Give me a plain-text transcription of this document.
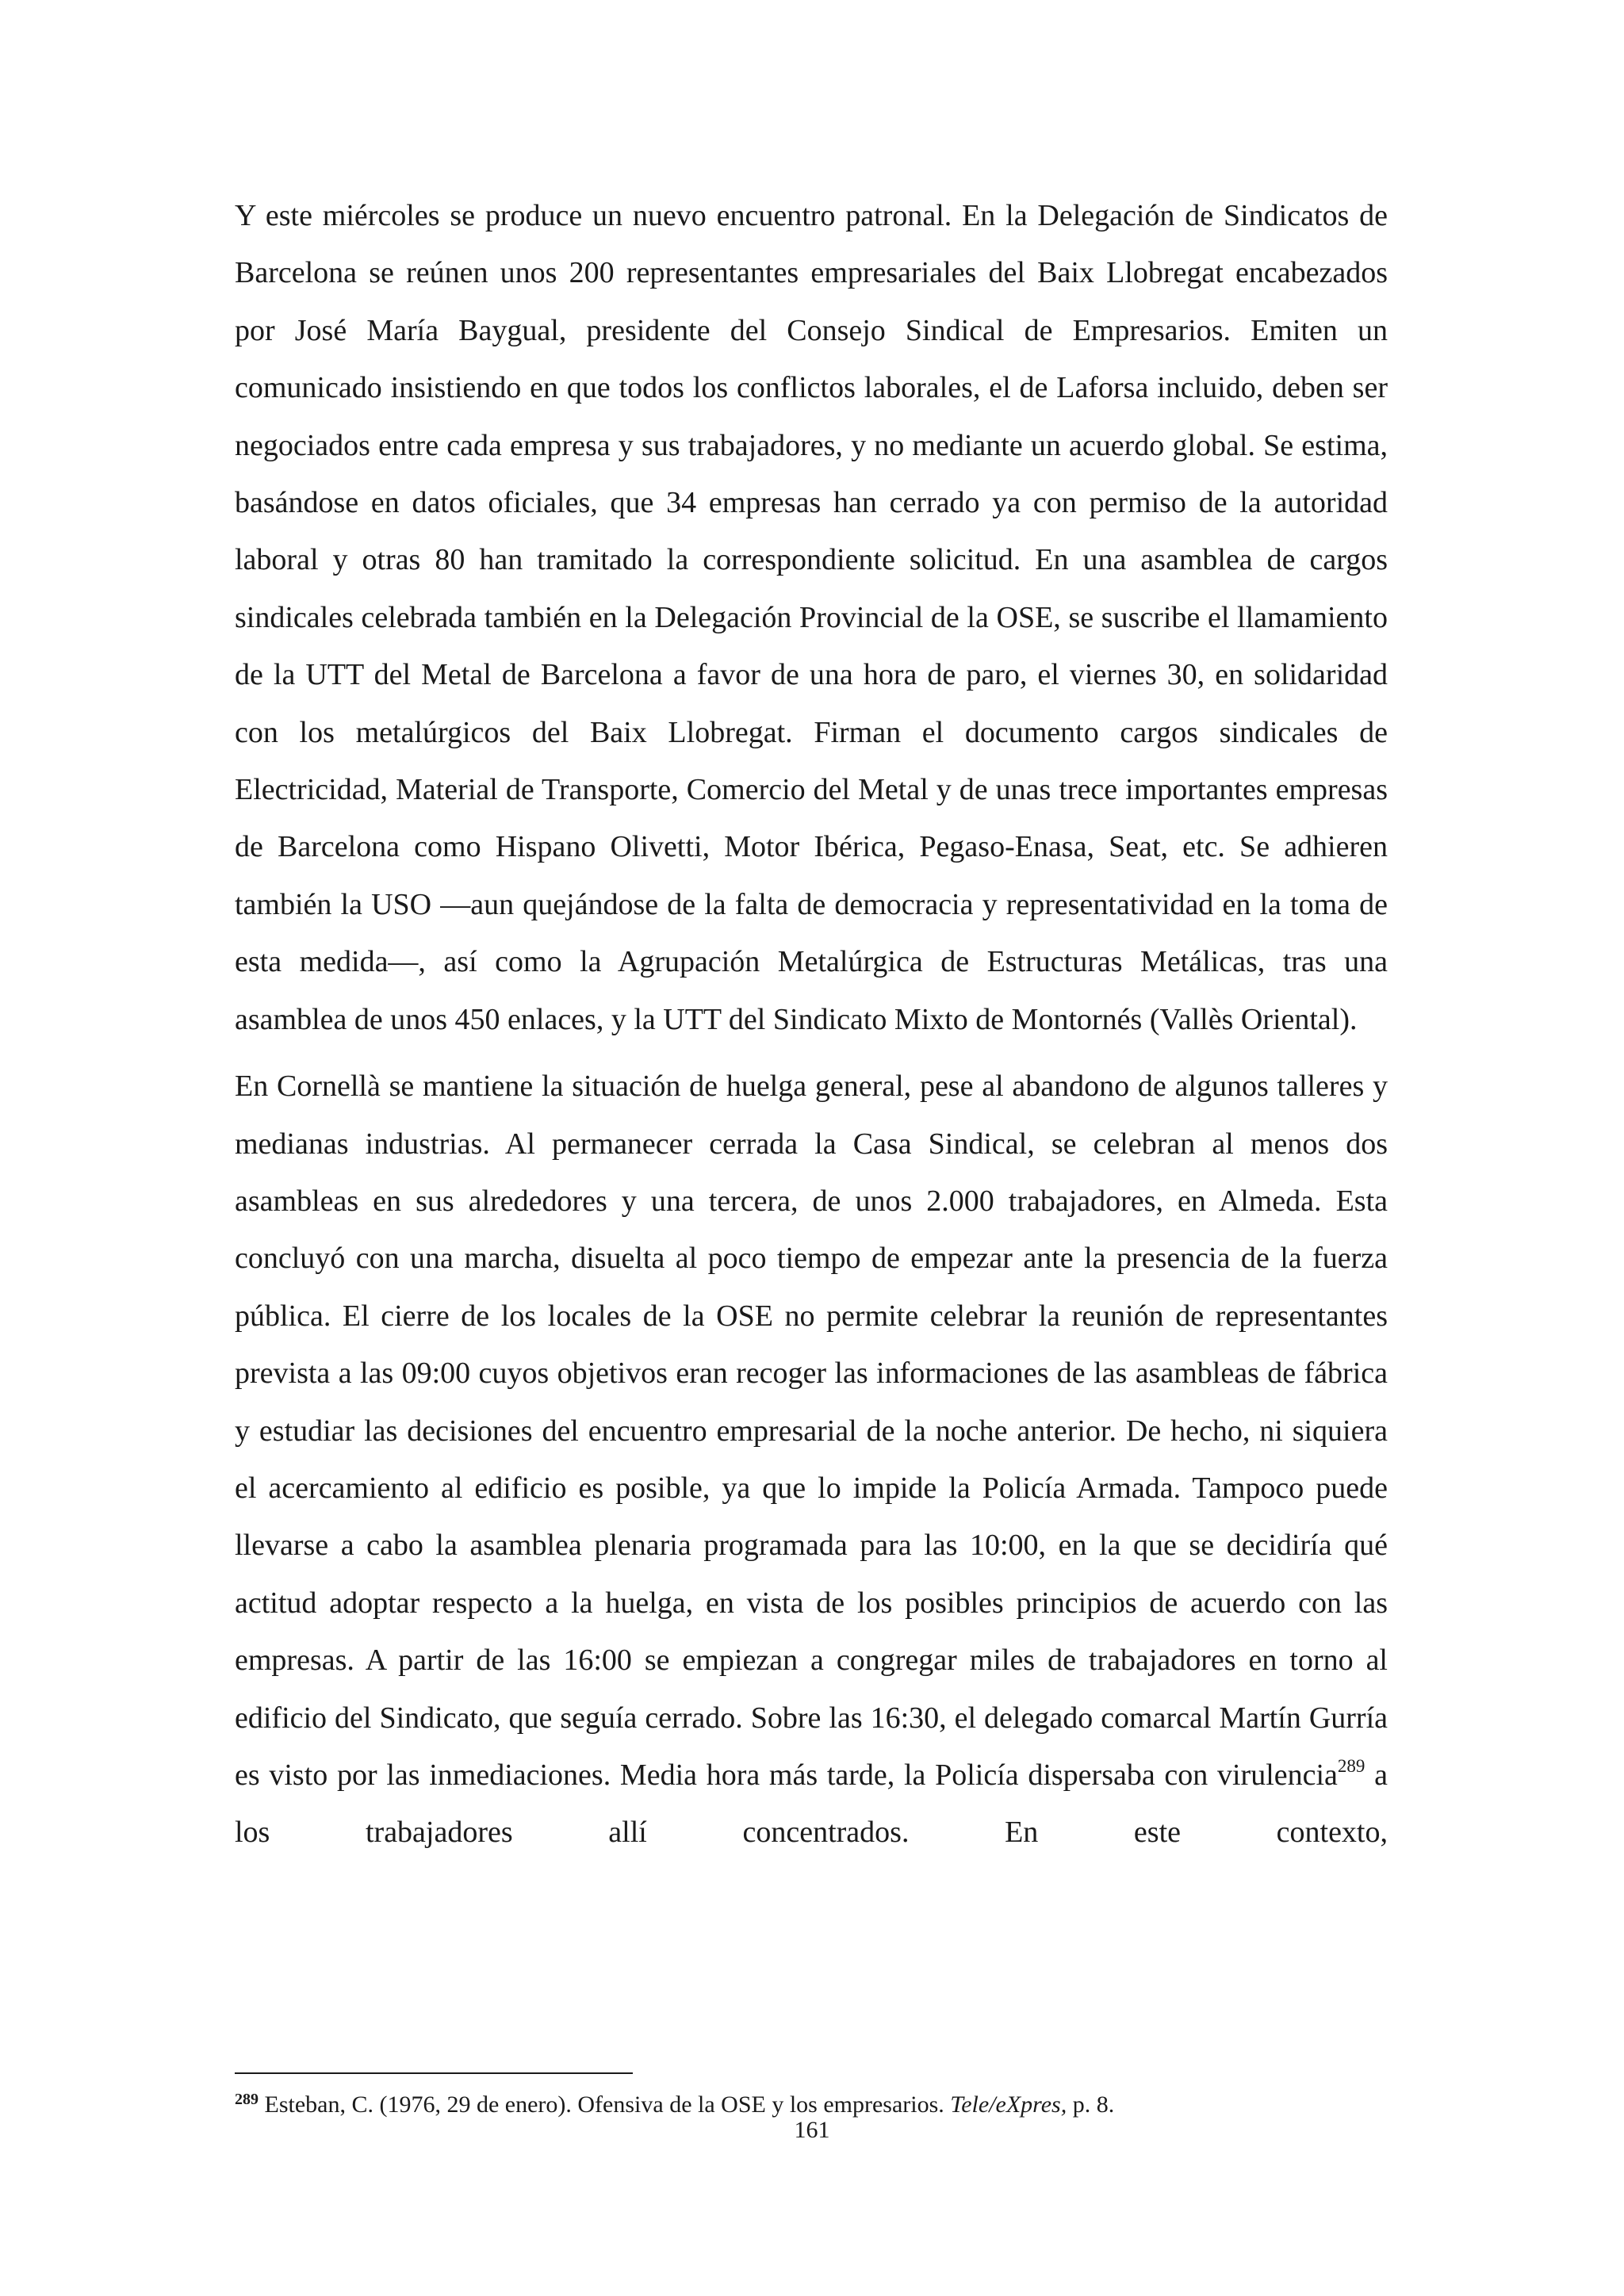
Y este miércoles se produce un nuevo encuentro patronal. En la Delegación de Sindicatos de Barcelona se reúnen unos 200 representantes empresariales del Baix Llobregat encabezados por José María Baygual, presidente del Consejo Sindical de Empresarios. Emiten un comunicado insistiendo en que todos los conflictos laborales, el de Laforsa incluido, deben ser negociados entre cada empresa y sus trabajadores, y no mediante un acuerdo global. Se estima, basándose en datos oficiales, que 34 empresas han cerrado ya con permiso de la autoridad laboral y otras 80 han tramitado la correspondiente solicitud. En una asamblea de cargos sindicales celebrada también en la Delegación Provincial de la OSE, se suscribe el llamamiento de la UTT del Metal de Barcelona a favor de una hora de paro, el viernes 30, en solidaridad con los metalúrgicos del Baix Llobregat. Firman el documento cargos sindicales de Electricidad, Material de Transporte, Comercio del Metal y de unas trece importantes empresas de Barcelona como Hispano Olivetti, Motor Ibérica, Pegaso-Enasa, Seat, etc. Se adhieren también la USO —aun quejándose de la falta de democracia y representatividad en la toma de esta medida—, así como la Agrupación Metalúrgica de Estructuras Metálicas, tras una asamblea de unos 450 enlaces, y la UTT del Sindicato Mixto de Montornés (Vallès Oriental).

En Cornellà se mantiene la situación de huelga general, pese al abandono de algunos talleres y medianas industrias. Al permanecer cerrada la Casa Sindical, se celebran al menos dos asambleas en sus alrededores y una tercera, de unos 2.000 trabajadores, en Almeda. Esta concluyó con una marcha, disuelta al poco tiempo de empezar ante la presencia de la fuerza pública. El cierre de los locales de la OSE no permite celebrar la reunión de representantes prevista a las 09:00 cuyos objetivos eran recoger las informaciones de las asambleas de fábrica y estudiar las decisiones del encuentro empresarial de la noche anterior. De hecho, ni siquiera el acercamiento al edificio es posible, ya que lo impide la Policía Armada. Tampoco puede llevarse a cabo la asamblea plenaria programada para las 10:00, en la que se decidiría qué actitud adoptar respecto a la huelga, en vista de los posibles principios de acuerdo con las empresas. A partir de las 16:00 se empiezan a congregar miles de trabajadores en torno al edificio del Sindicato, que seguía cerrado. Sobre las 16:30, el delegado comarcal Martín Gurría es visto por las inmediaciones. Media hora más tarde, la Policía dispersaba con virulencia$^{289}$ a los trabajadores allí concentrados. En este contexto,

$^{289}$ Esteban, C. (1976, 29 de enero). Ofensiva de la OSE y los empresarios. Tele/eXpres, p. 8.
161
